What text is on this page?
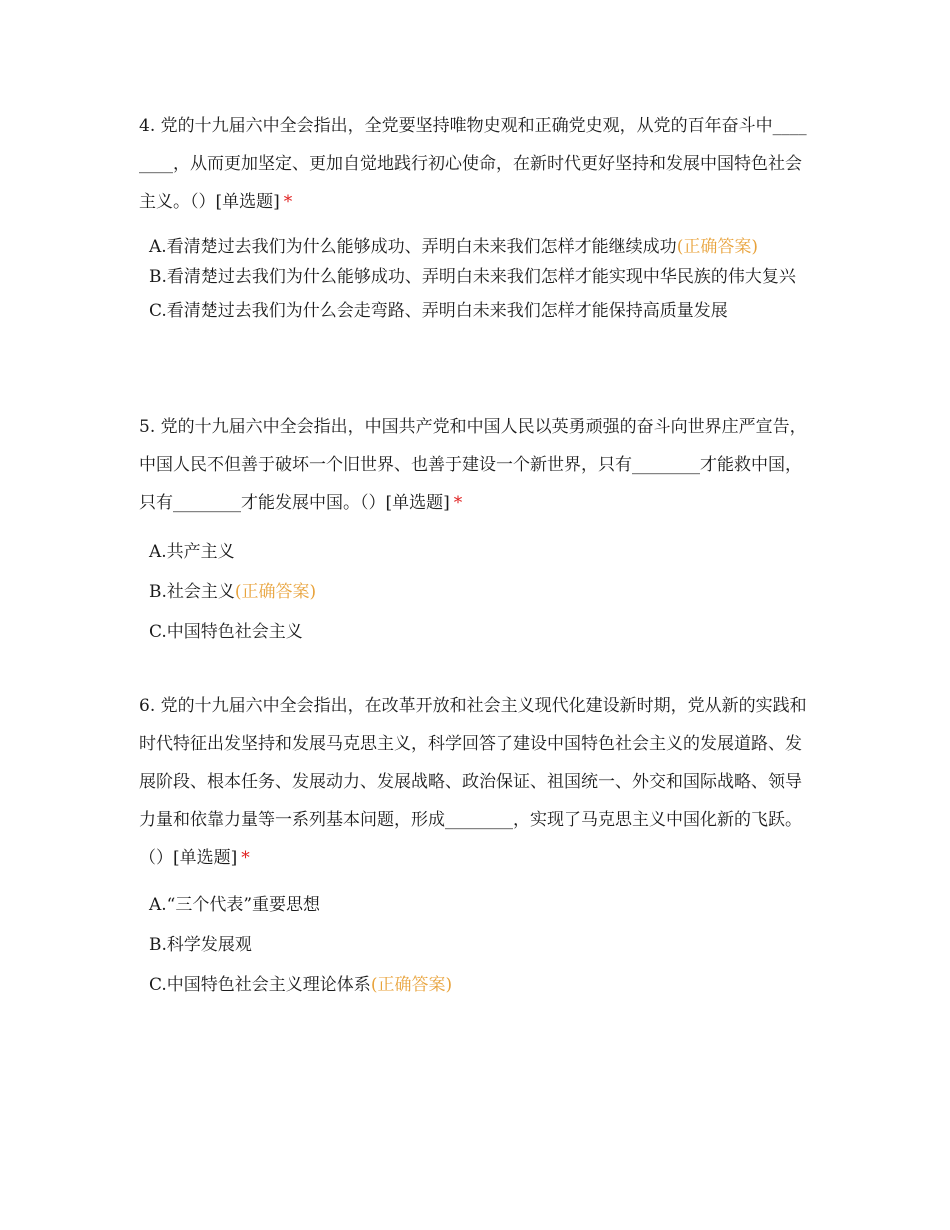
4. 党的十九届六中全会指出，全党要坚持唯物史观和正确党史观，从党的百年奋斗中________，从而更加坚定、更加自觉地践行初心使命，在新时代更好坚持和发展中国特色社会主义。（）[单选题] *

A.看清楚过去我们为什么能够成功、弄明白未来我们怎样才能继续成功(正确答案)
B.看清楚过去我们为什么能够成功、弄明白未来我们怎样才能实现中华民族的伟大复兴
C.看清楚过去我们为什么会走弯路、弄明白未来我们怎样才能保持高质量发展

5. 党的十九届六中全会指出，中国共产党和中国人民以英勇顽强的奋斗向世界庄严宣告，中国人民不但善于破坏一个旧世界、也善于建设一个新世界，只有________才能救中国，只有________才能发展中国。（）[单选题] *

A.共产主义
B.社会主义(正确答案)
C.中国特色社会主义

6. 党的十九届六中全会指出，在改革开放和社会主义现代化建设新时期，党从新的实践和时代特征出发坚持和发展马克思主义，科学回答了建设中国特色社会主义的发展道路、发展阶段、根本任务、发展动力、发展战略、政治保证、祖国统一、外交和国际战略、领导力量和依靠力量等一系列基本问题，形成________，实现了马克思主义中国化新的飞跃。（）[单选题] *

A.“三个代表”重要思想
B.科学发展观
C.中国特色社会主义理论体系(正确答案)
